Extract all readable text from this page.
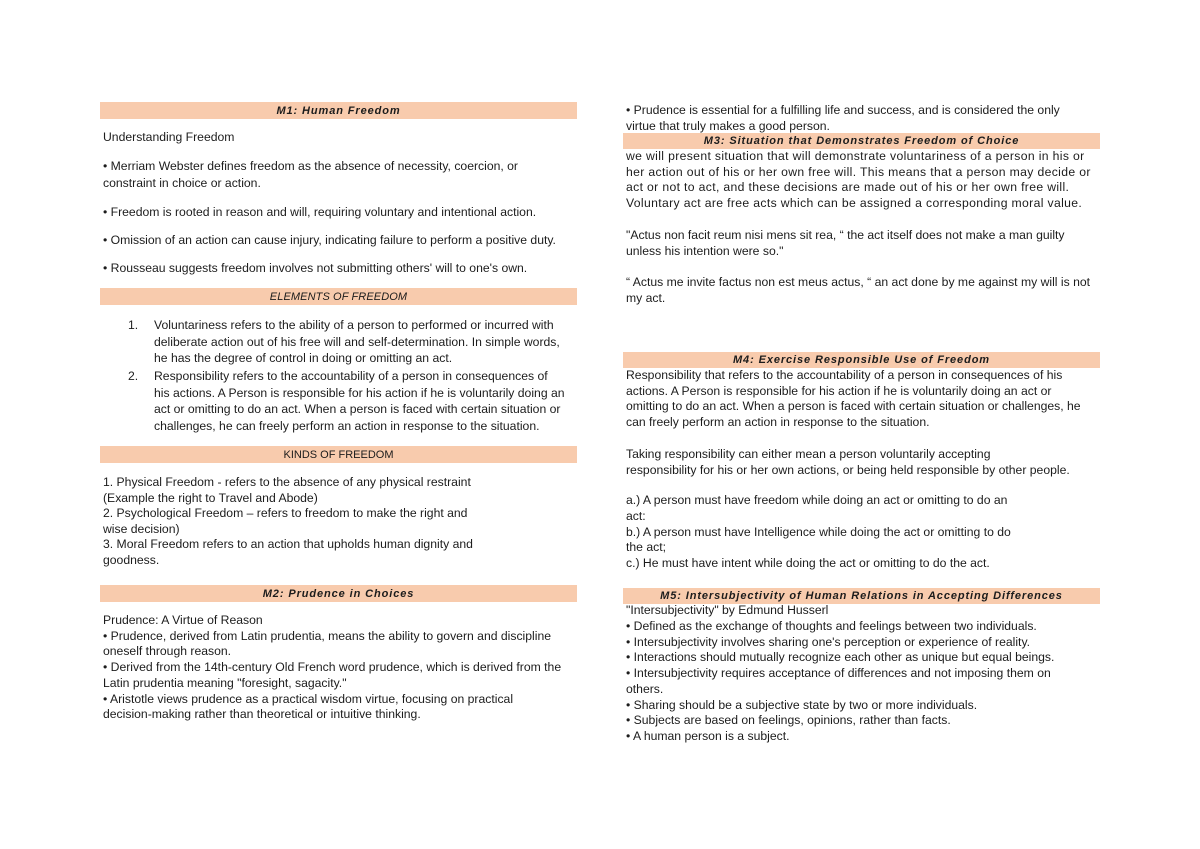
M1: Human Freedom
Understanding Freedom
• Merriam Webster defines freedom as the absence of necessity, coercion, or
constraint in choice or action.
• Freedom is rooted in reason and will, requiring voluntary and intentional action.
• Omission of an action can cause injury, indicating failure to perform a positive duty.
• Rousseau suggests freedom involves not submitting others' will to one's own.
ELEMENTS OF FREEDOM
1. Voluntariness refers to the ability of a person to performed or incurred with
deliberate action out of his free will and self-determination. In simple words,
he has the degree of control in doing or omitting an act.
2. Responsibility refers to the accountability of a person in consequences of
his actions. A Person is responsible for his action if he is voluntarily doing an
act or omitting to do an act. When a person is faced with certain situation or
challenges, he can freely perform an action in response to the situation.
KINDS OF FREEDOM
1. Physical Freedom - refers to the absence of any physical restraint
(Example the right to Travel and Abode)
2. Psychological Freedom – refers to freedom to make the right and
wise decision)
3. Moral Freedom refers to an action that upholds human dignity and
goodness.
M2: Prudence in Choices
Prudence: A Virtue of Reason
• Prudence, derived from Latin prudentia, means the ability to govern and discipline
oneself through reason.
• Derived from the 14th-century Old French word prudence, which is derived from the
Latin prudentia meaning "foresight, sagacity."
• Aristotle views prudence as a practical wisdom virtue, focusing on practical
decision-making rather than theoretical or intuitive thinking.
• Prudence is essential for a fulfilling life and success, and is considered the only
virtue that truly makes a good person.
M3: Situation that Demonstrates Freedom of Choice
we will present situation that will demonstrate voluntariness of a person in his or
her action out of his or her own free will. This means that a person may decide or
act or not to act, and these decisions are made out of his or her own free will.
Voluntary act are free acts which can be assigned a corresponding moral value.
"Actus non facit reum nisi mens sit rea, “ the act itself does not make a man guilty
unless his intention were so."
“ Actus me invite factus non est meus actus, “ an act done by me against my will is not
my act.
M4: Exercise Responsible Use of Freedom
Responsibility that refers to the accountability of a person in consequences of his
actions. A Person is responsible for his action if he is voluntarily doing an act or
omitting to do an act. When a person is faced with certain situation or challenges, he
can freely perform an action in response to the situation.
Taking responsibility can either mean a person voluntarily accepting
responsibility for his or her own actions, or being held responsible by other people.
a.) A person must have freedom while doing an act or omitting to do an
act:
b.) A person must have Intelligence while doing the act or omitting to do
the act;
c.) He must have intent while doing the act or omitting to do the act.
M5: Intersubjectivity of Human Relations in Accepting Differences
"Intersubjectivity" by Edmund Husserl
• Defined as the exchange of thoughts and feelings between two individuals.
• Intersubjectivity involves sharing one's perception or experience of reality.
• Interactions should mutually recognize each other as unique but equal beings.
• Intersubjectivity requires acceptance of differences and not imposing them on
others.
• Sharing should be a subjective state by two or more individuals.
• Subjects are based on feelings, opinions, rather than facts.
• A human person is a subject.
